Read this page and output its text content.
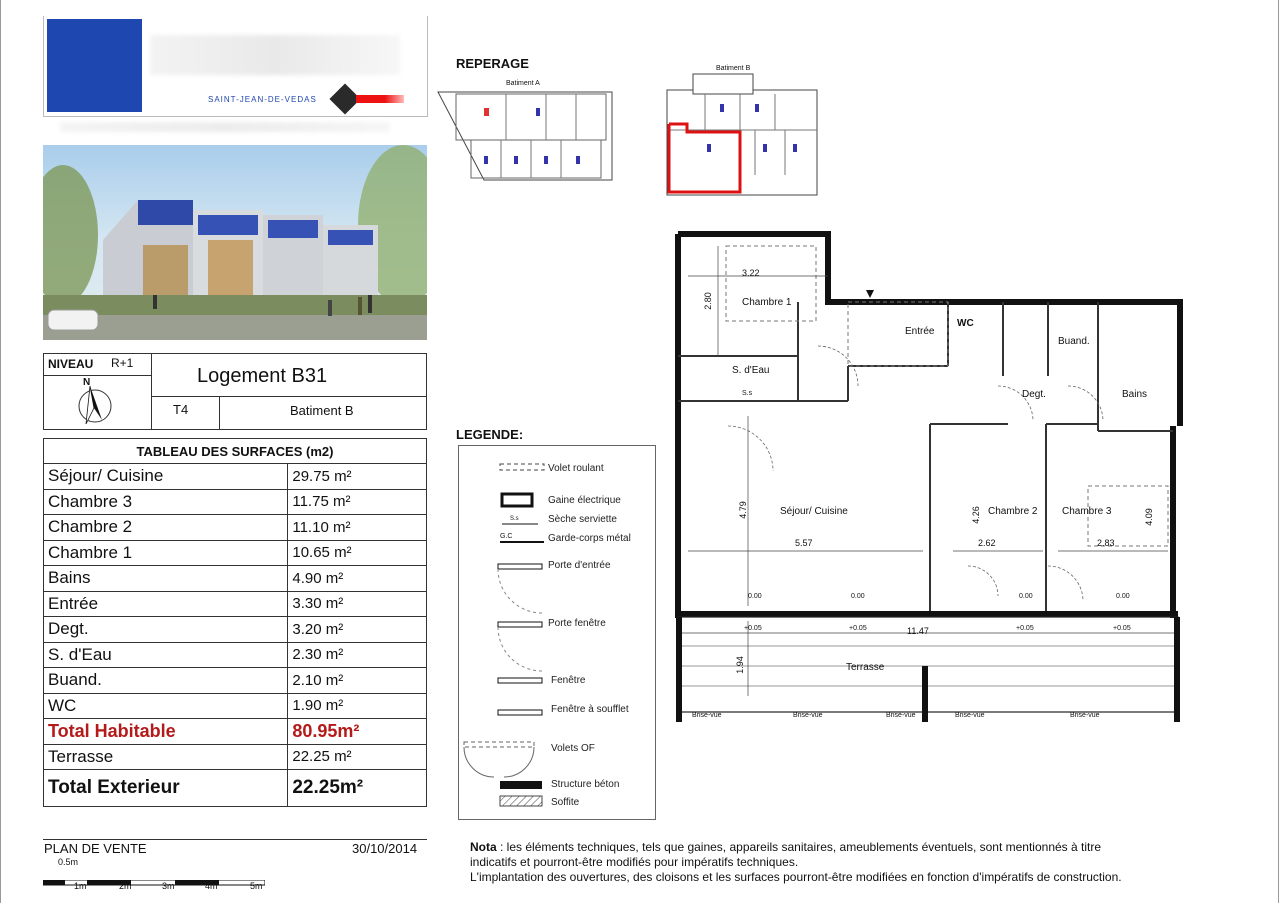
SAINT-JEAN-DE-VEDAS
NIVEAU R+1
Logement B31
T4	Batiment B
N
TABLEAU DES SURFACES (m2)	
Séjour/ Cuisine	29.75 m²
Chambre 3	11.75 m²
Chambre 2	11.10 m²
Chambre 1	10.65 m²
Bains	4.90 m²
Entrée	3.30 m²
Degt.	3.20 m²
S. d'Eau	2.30 m²
Buand.	2.10 m²
WC	1.90 m²
Total Habitable	80.95m²
Terrasse	22.25 m²
Total Exterieur	22.25m²
PLAN DE VENTE	30/10/2014
0.5m
1m	2m	3m	4m	5m
REPERAGE
Batiment A
Batiment B
LEGENDE:
Volet roulant
Gaine électrique
Sèche serviette
Garde-corps métal
Porte d'entrée
Porte fenêtre
Fenêtre
Fenêtre à soufflet
Volets OF
Structure béton
Soffite
S.s
G.C
Chambre 1
Entrée
WC
Buand.
S. d'Eau
S.s	Degt.	Bains
Séjour/ Cuisine	Chambre 2 Chambre 3
Terrasse
3.22
2.80
4.79
5.57
4.26
2.62
4.09
2.83
11.47
1.94
0.00	0.00	0.00	0.00
+0.05	+0.05	+0.05	+0.05
Brise-vue	Brise-vue	Brise-vue	Brise-vue	Brise-vue
Nota : les éléments techniques, tels que gaines, appareils sanitaires, ameublements éventuels, sont mentionnés à titre
indicatifs et pourront-être modifiés pour impératifs techniques.
L'implantation des ouvertures, des cloisons et les surfaces pourront-être modifiées en fonction d'impératifs de construction.
